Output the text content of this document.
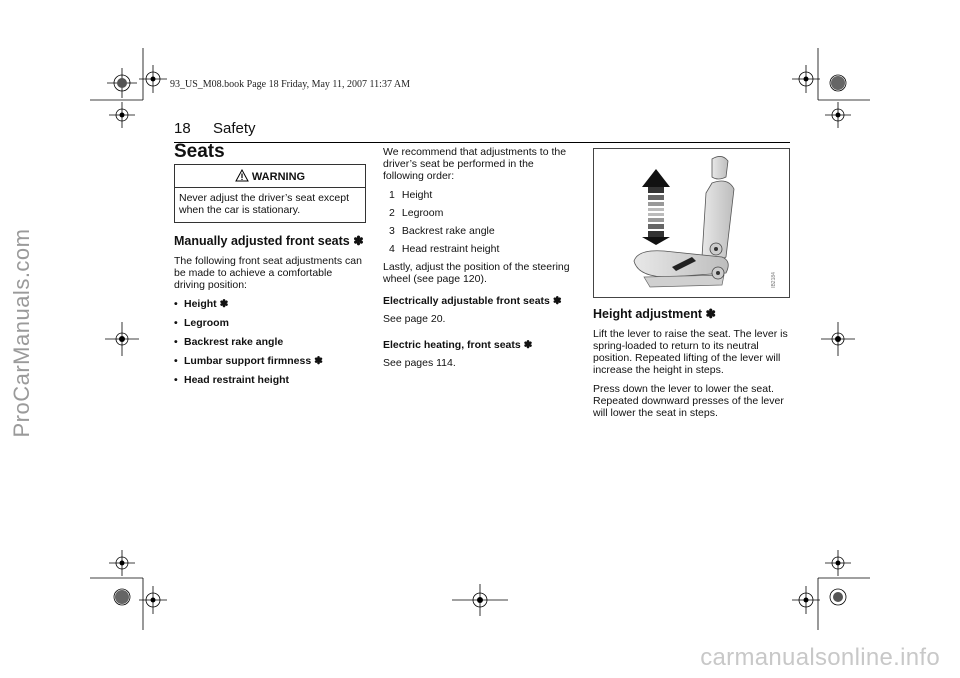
ProCarManuals.com
carmanualsonline.info
93_US_M08.book Page 18 Friday, May 11, 2007 11:37 AM
18 Safety
Seats
WARNING
Never adjust the driver’s seat except when the car is stationary.
Manually adjusted front seats ✽

The following front seat adjustments can be made to achieve a comfortable driving position:

• Height ✽
• Legroom
• Backrest rake angle
• Lumbar support firmness ✽
• Head restraint height

We recommend that adjustments to the driver’s seat be performed in the following order:

1 Height
2 Legroom
3 Backrest rake angle
4 Head restraint height

Lastly, adjust the position of the steering wheel (see page 120).

Electrically adjustable front seats ✽

See page 20.

Electric heating, front seats ✽

See pages 114.

IB2184
Height adjustment ✽

Lift the lever to raise the seat. The lever is spring-loaded to return to its neutral position. Repeated lifting of the lever will increase the height in steps.

Press down the lever to lower the seat. Repeated downward presses of the lever will lower the seat in steps.
